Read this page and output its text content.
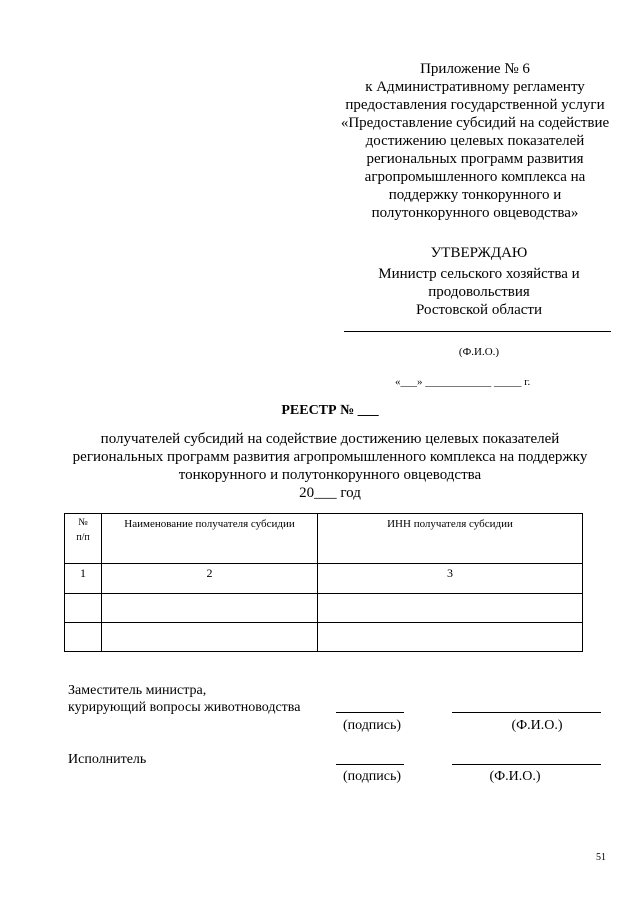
Приложение № 6
к Административному регламенту
предоставления государственной услуги
«Предоставление субсидий на содействие
достижению целевых показателей
региональных программ развития
агропромышленного комплекса на
поддержку тонкорунного и
полутонкорунного овцеводства»
УТВЕРЖДАЮ
Министр сельского хозяйства и
продовольствия
Ростовской области
(Ф.И.О.)
«___» ____________ _____ г.
РЕЕСТР № ___
получателей субсидий на содействие достижению целевых показателей
региональных программ развития агропромышленного комплекса на поддержку
тонкорунного и полутонкорунного овцеводства
20___ год
№
п/п	Наименование получателя субсидии	ИНН получателя субсидии
1	2	3

Заместитель министра,
курирующий вопросы животноводства
(подпись)	(Ф.И.О.)
Исполнитель
(подпись)	(Ф.И.О.)
51
